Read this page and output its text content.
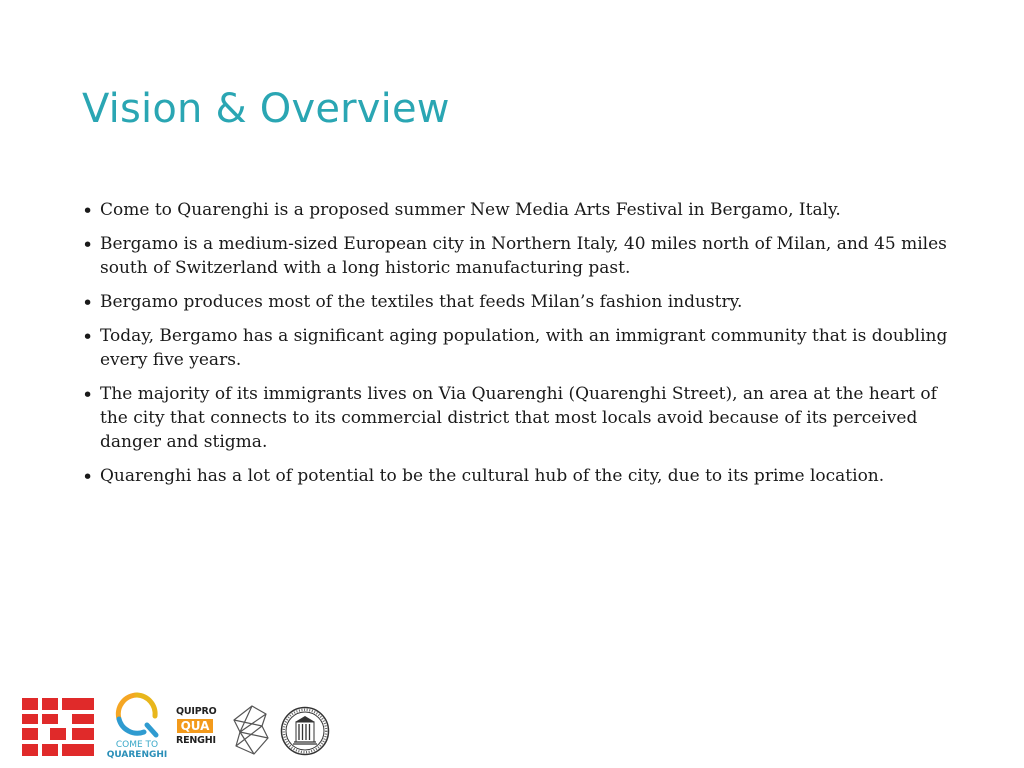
Vision & Overview
• Come to Quarenghi is a proposed summer New Media Arts Festival in Bergamo, Italy.
• Bergamo is a medium-sized European city in Northern Italy, 40 miles north of Milan, and 45 miles south of Switzerland with a long historic manufacturing past.
• Bergamo produces most of the textiles that feeds Milan’s fashion industry.
• Today, Bergamo has a significant aging population, with an immigrant community that is doubling every five years.
• The majority of its immigrants lives on Via Quarenghi (Quarenghi Street), an area at the heart of the city that connects to its commercial district that most locals avoid because of its perceived danger and stigma.
• Quarenghi has a lot of potential to be the cultural hub of the city, due to its prime location.
COME TO
QUARENGHI
QUIPRO
QUA
RENGHI
